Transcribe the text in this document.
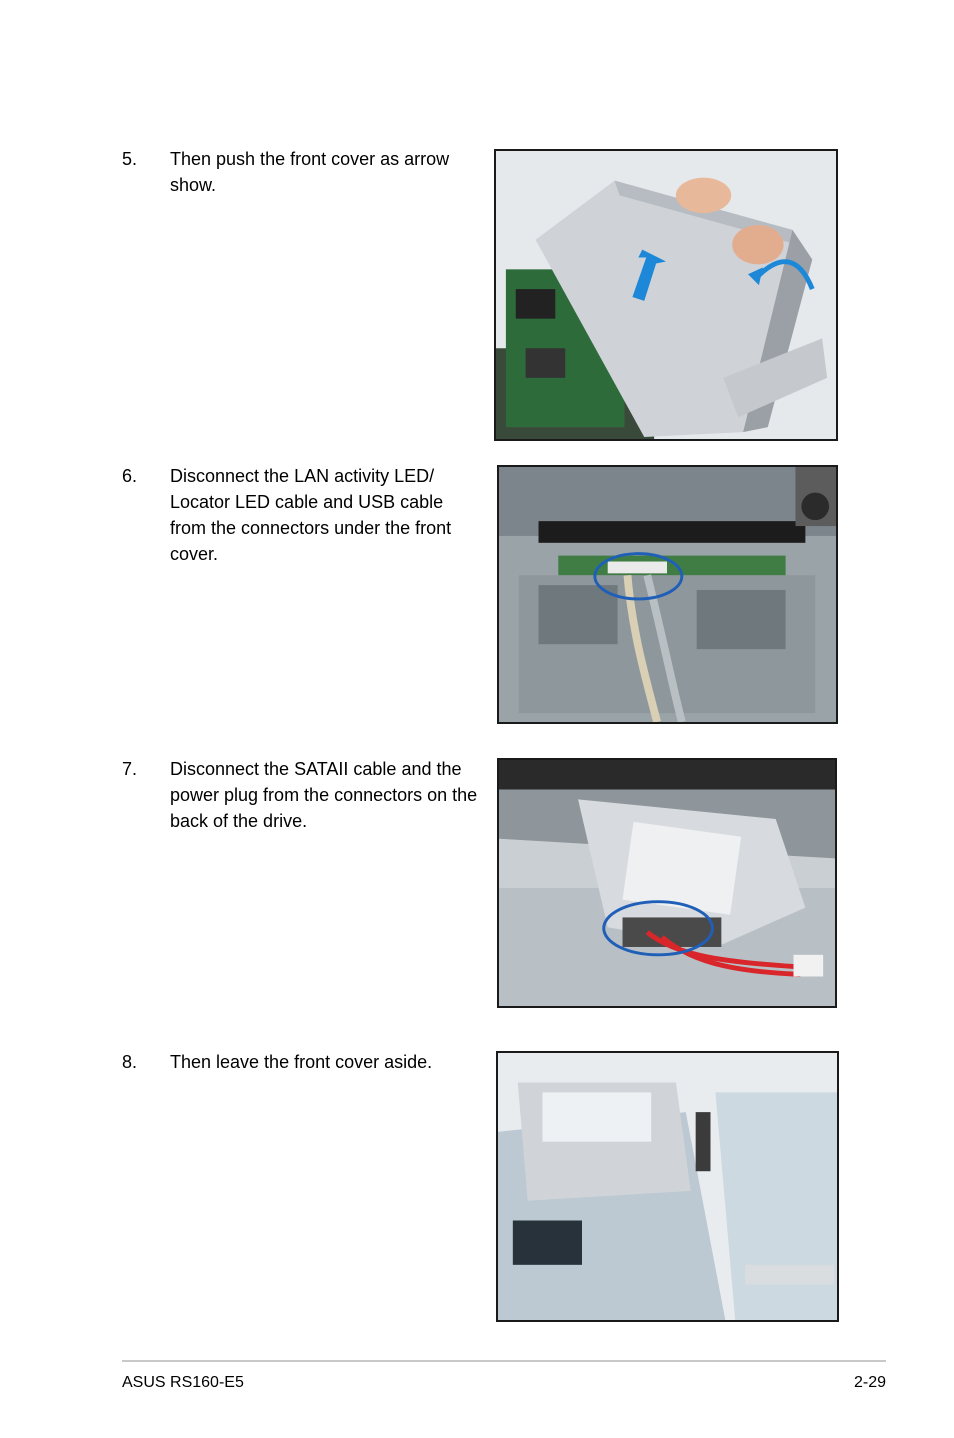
5. Then push the front cover as arrow show.
6. Disconnect the LAN activity LED/ Locator LED cable and USB cable from the connectors under the front cover.
7. Disconnect the SATAII cable and the power plug from the connectors on the back of the drive.
8. Then leave the front cover aside.
ASUS RS160-E5	2-29
